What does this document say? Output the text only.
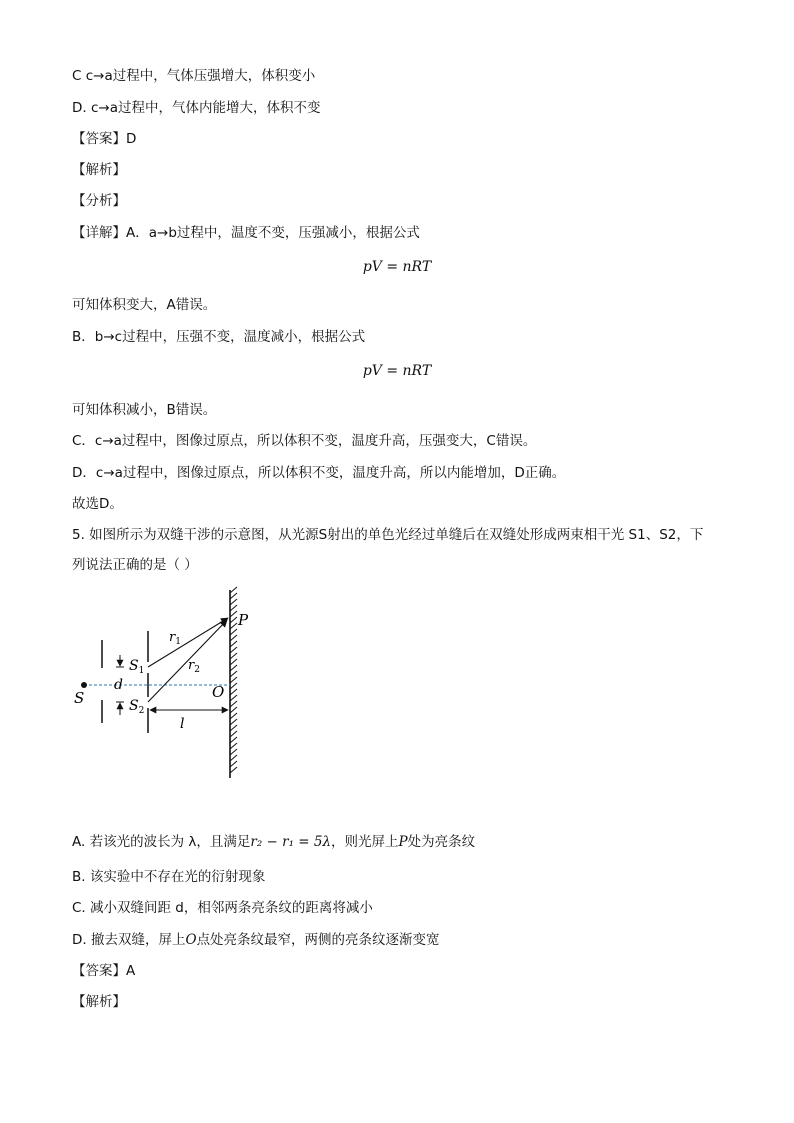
C c→a过程中，气体压强增大，体积变小
D. c→a过程中，气体内能增大，体积不变
【答案】D
【解析】
【分析】
【详解】A．a→b过程中，温度不变，压强减小，根据公式
pV = nRT
可知体积变大，A错误。
B．b→c过程中，压强不变，温度减小，根据公式
pV = nRT
可知体积减小，B错误。
C．c→a过程中，图像过原点，所以体积不变，温度升高，压强变大，C错误。
D．c→a过程中，图像过原点，所以体积不变，温度升高，所以内能增加，D正确。
故选D。
5. 如图所示为双缝干涉的示意图，从光源S射出的单色光经过单缝后在双缝处形成两束相干光 S1、S2，下
列说法正确的是（ ）
P
$r_1$
$r_2$
$S_1$
$S_2$
d
S	O
l
A. 若该光的波长为 λ，且满足r₂ − r₁ = 5λ，则光屏上P处为亮条纹
B. 该实验中不存在光的衍射现象
C. 减小双缝间距 d，相邻两条亮条纹的距离将减小
D. 撤去双缝，屏上O点处亮条纹最窄，两侧的亮条纹逐渐变宽
【答案】A
【解析】
